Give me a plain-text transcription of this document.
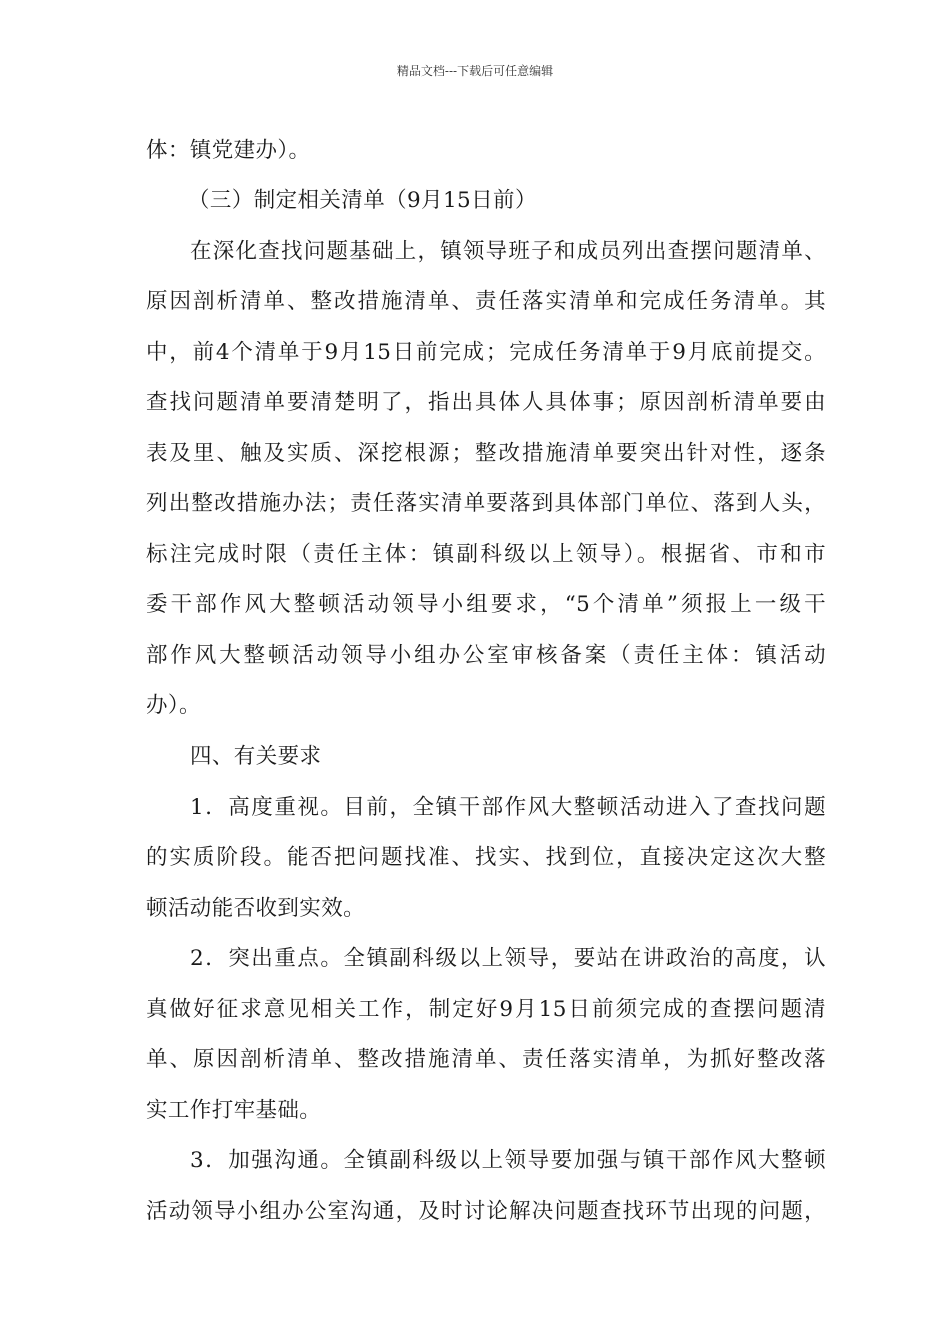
精品文档---下载后可任意编辑
体：镇党建办）。
（三）制定相关清单（9月15日前）
在深化查找问题基础上，镇领导班子和成员列出查摆问题清单、
原因剖析清单、整改措施清单、责任落实清单和完成任务清单。其
中，前4个清单于9月15日前完成；完成任务清单于9月底前提交。
查找问题清单要清楚明了，指出具体人具体事；原因剖析清单要由
表及里、触及实质、深挖根源；整改措施清单要突出针对性，逐条
列出整改措施办法；责任落实清单要落到具体部门单位、落到人头，
标注完成时限（责任主体：镇副科级以上领导）。根据省、市和市
委干部作风大整顿活动领导小组要求，“5个清单”须报上一级干
部作风大整顿活动领导小组办公室审核备案（责任主体：镇活动
办）。
四、有关要求
1．高度重视。目前，全镇干部作风大整顿活动进入了查找问题
的实质阶段。能否把问题找准、找实、找到位，直接决定这次大整
顿活动能否收到实效。
2．突出重点。全镇副科级以上领导，要站在讲政治的高度，认
真做好征求意见相关工作，制定好9月15日前须完成的查摆问题清
单、原因剖析清单、整改措施清单、责任落实清单，为抓好整改落
实工作打牢基础。
3．加强沟通。全镇副科级以上领导要加强与镇干部作风大整顿
活动领导小组办公室沟通，及时讨论解决问题查找环节出现的问题，
